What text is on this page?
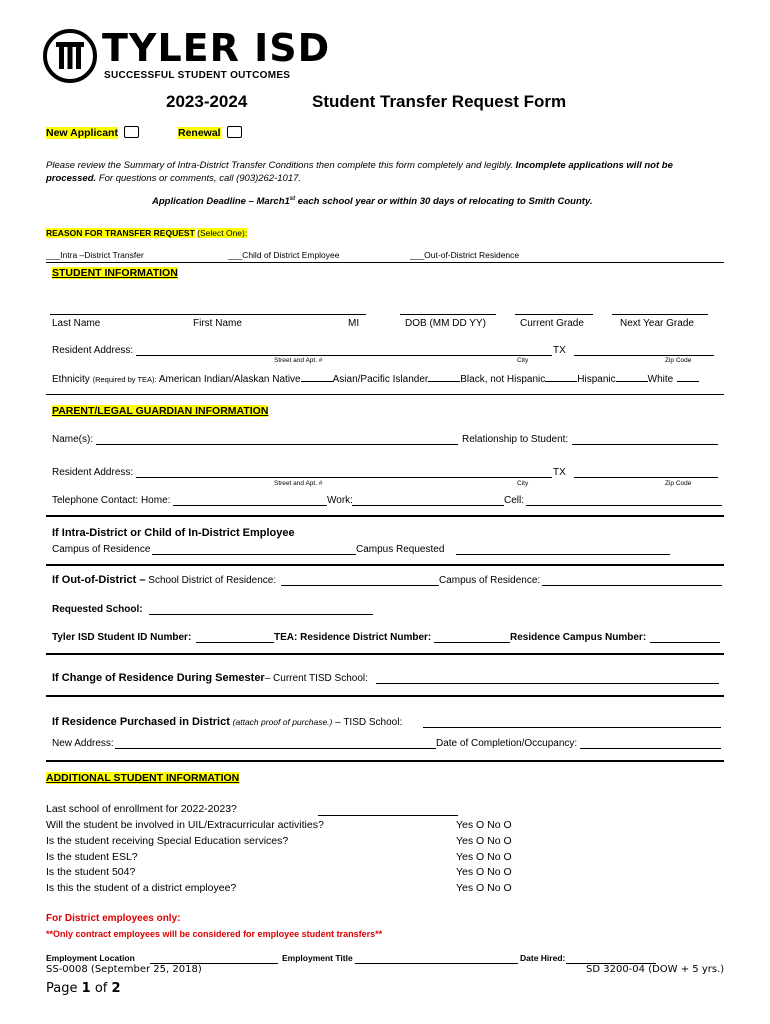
TYLER ISD
SUCCESSFUL STUDENT OUTCOMES
2023-2024	Student Transfer Request Form
New Applicant	Renewal
Please review the Summary of Intra-District Transfer Conditions then complete this form completely and legibly. Incomplete applications will not be
processed. For questions or comments, call (903)262-1017.
Application Deadline – March1st each school year or within 30 days of relocating to Smith County.
REASON FOR TRANSFER REQUEST (Select One):
___Intra –District Transfer	___Child of District Employee	___Out-of-District Residence
STUDENT INFORMATION
Last Name	First Name	MI	DOB (MM DD YY)	Current Grade	Next Year Grade
Resident Address:	TX
Street and Apt. #	City	Zip Code
Ethnicity (Required by TEA): American Indian/Alaskan Native	Asian/Pacific Islander	Black, not Hispanic	Hispanic	White
PARENT/LEGAL GUARDIAN INFORMATION
Name(s):	Relationship to Student:
Resident Address:	TX
Street and Apt. #	City	Zip Code
Telephone Contact: Home:	Work:	Cell:
If Intra-District or Child of In-District Employee
Campus of Residence	Campus Requested
If Out-of-District – School District of Residence:	Campus of Residence:
Requested School:
Tyler ISD Student ID Number:	TEA: Residence District Number:	Residence Campus Number:
If Change of Residence During Semester– Current TISD School:
If Residence Purchased in District (attach proof of purchase.) – TISD School:
New Address:	Date of Completion/Occupancy:
ADDITIONAL STUDENT INFORMATION
Last school of enrollment for 2022-2023?
Will the student be involved in UIL/Extracurricular activities?	Yes O No O
Is the student receiving Special Education services?	Yes O No O
Is the student ESL?	Yes O No O
Is the student 504?	Yes O No O
Is this the student of a district employee?	Yes O No O
For District employees only:
**Only contract employees will be considered for employee student transfers**
Employment Location	Employment Title	Date Hired:
SS-0008 (September 25, 2018)	SD 3200-04 (DOW + 5 yrs.)
Page 1 of 2
